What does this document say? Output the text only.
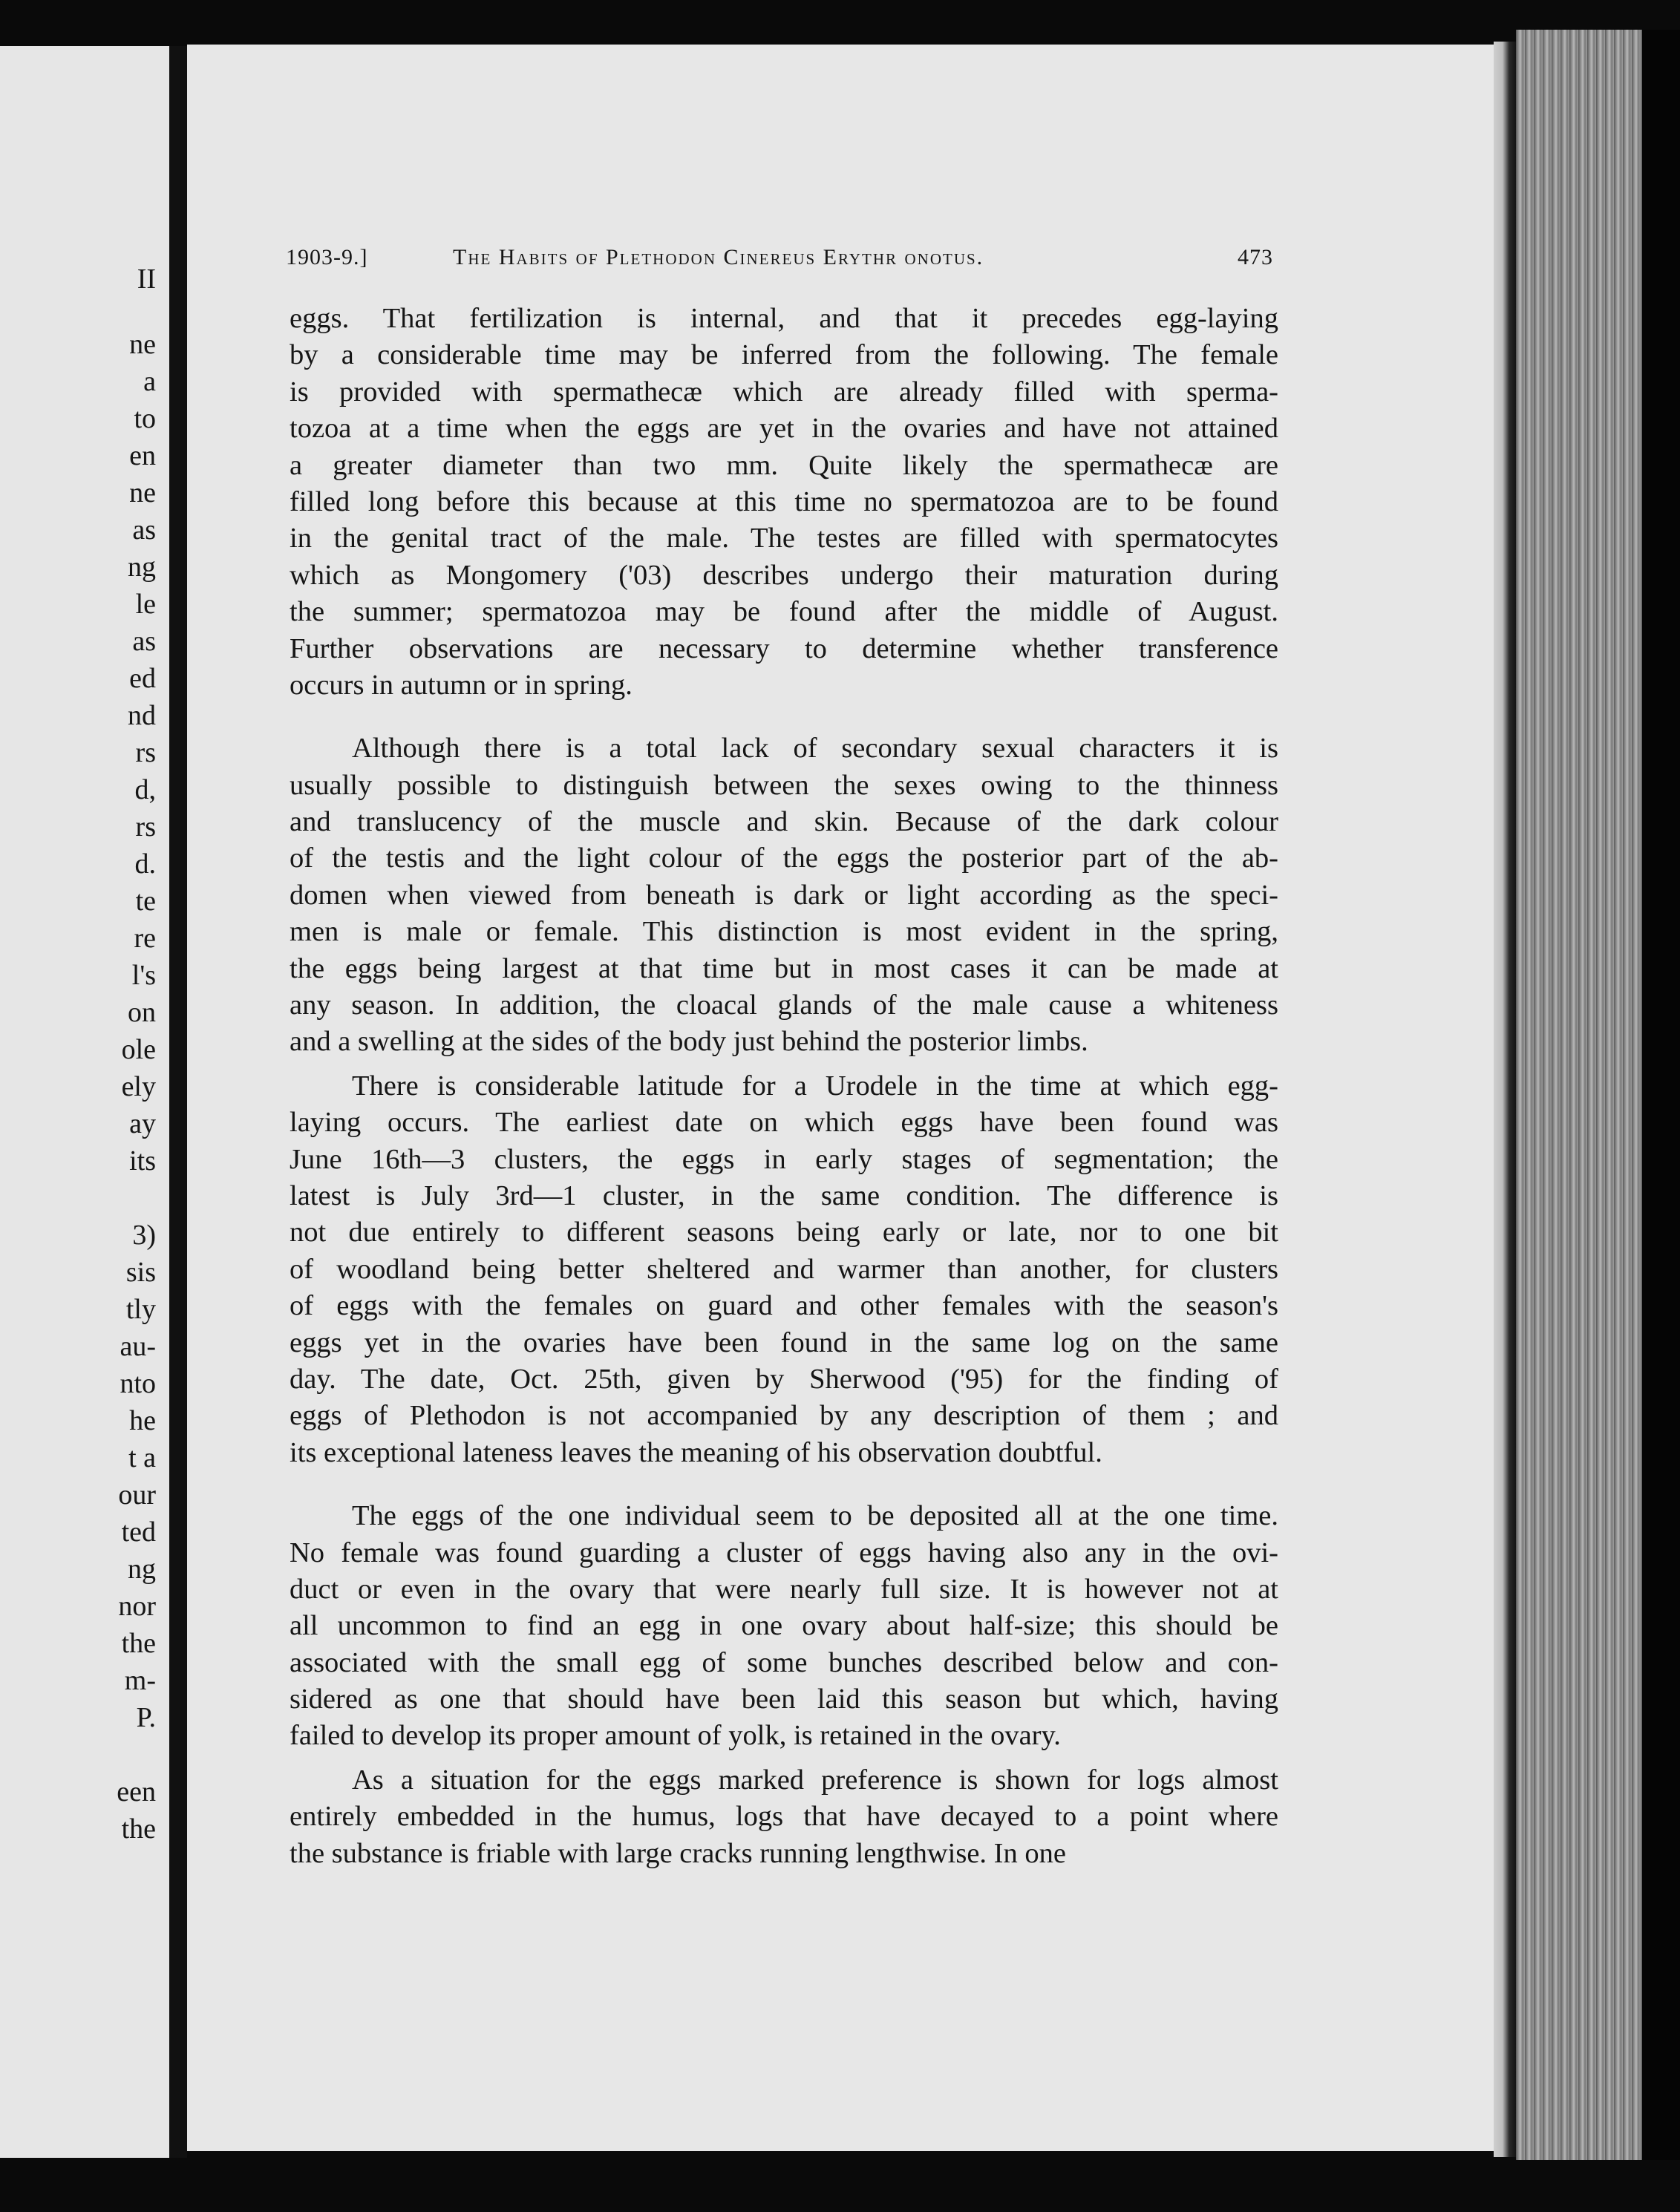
II
ne
a
to
en
ne
as
ng
le
as
ed
nd
rs
d,
rs
d.
te
re
l's
on
ole
ely
ay
its
3)
sis
tly
au-
nto
he
t a
our
ted
ng
nor
the
m-
P.
een
the
1903-9.]	The Habits of Plethodon Cinereus Erythr onotus.	473
eggs. That fertilization is internal, and that it precedes egg-laying
by a considerable time may be inferred from the following. The female
is provided with spermathecæ which are already filled with sperma-
tozoa at a time when the eggs are yet in the ovaries and have not attained
a greater diameter than two mm. Quite likely the spermathecæ are
filled long before this because at this time no spermatozoa are to be found
in the genital tract of the male. The testes are filled with spermatocytes
which as Mongomery ('03) describes undergo their maturation during
the summer; spermatozoa may be found after the middle of August.
Further observations are necessary to determine whether transference
occurs in autumn or in spring.
Although there is a total lack of secondary sexual characters it is
usually possible to distinguish between the sexes owing to the thinness
and translucency of the muscle and skin. Because of the dark colour
of the testis and the light colour of the eggs the posterior part of the ab-
domen when viewed from beneath is dark or light according as the speci-
men is male or female. This distinction is most evident in the spring,
the eggs being largest at that time but in most cases it can be made at
any season. In addition, the cloacal glands of the male cause a whiteness
and a swelling at the sides of the body just behind the posterior limbs.
There is considerable latitude for a Urodele in the time at which egg-
laying occurs. The earliest date on which eggs have been found was
June 16th—3 clusters, the eggs in early stages of segmentation; the
latest is July 3rd—1 cluster, in the same condition. The difference is
not due entirely to different seasons being early or late, nor to one bit
of woodland being better sheltered and warmer than another, for clusters
of eggs with the females on guard and other females with the season's
eggs yet in the ovaries have been found in the same log on the same
day. The date, Oct. 25th, given by Sherwood ('95) for the finding of
eggs of Plethodon is not accompanied by any description of them ; and
its exceptional lateness leaves the meaning of his observation doubtful.
The eggs of the one individual seem to be deposited all at the one time.
No female was found guarding a cluster of eggs having also any in the ovi-
duct or even in the ovary that were nearly full size. It is however not at
all uncommon to find an egg in one ovary about half-size; this should be
associated with the small egg of some bunches described below and con-
sidered as one that should have been laid this season but which, having
failed to develop its proper amount of yolk, is retained in the ovary.
As a situation for the eggs marked preference is shown for logs almost
entirely embedded in the humus, logs that have decayed to a point where
the substance is friable with large cracks running lengthwise. In one
